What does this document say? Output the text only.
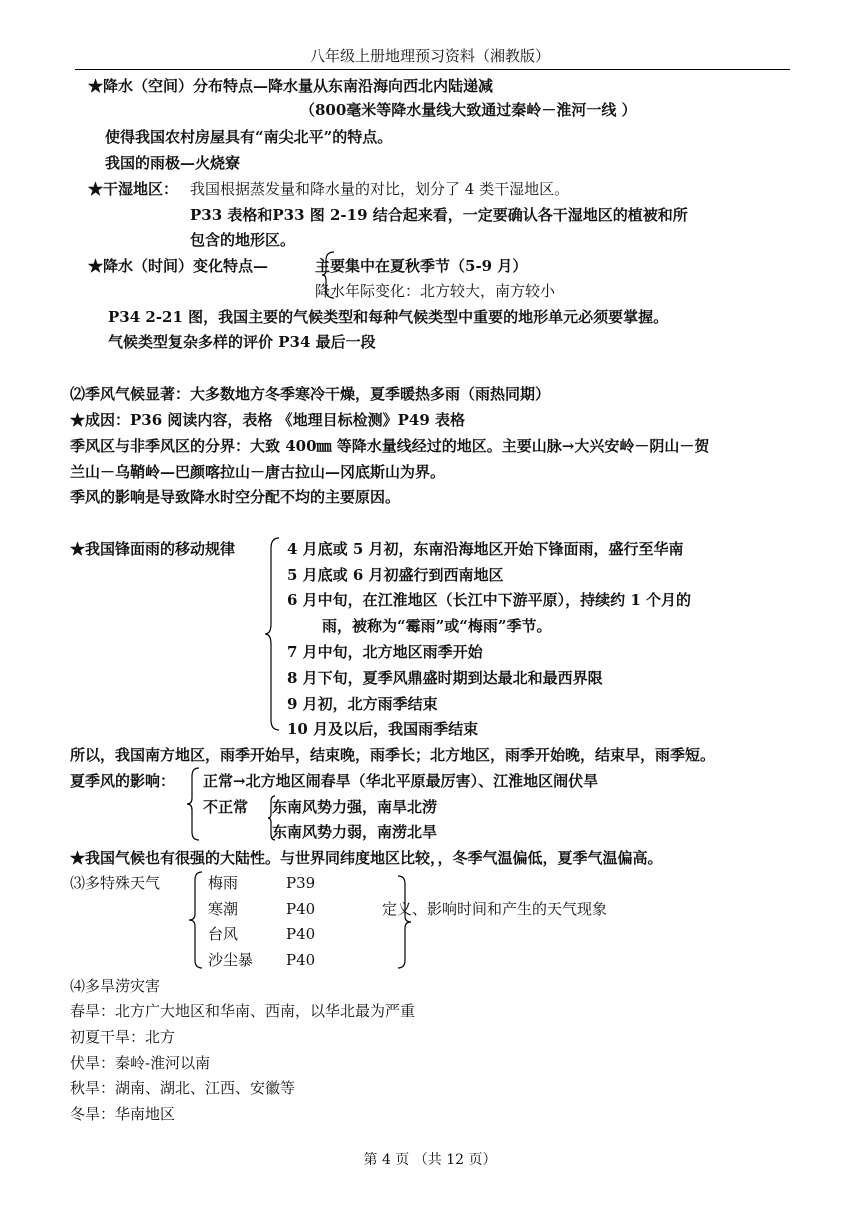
八年级上册地理预习资料（湘教版）
★降水（空间）分布特点—降水量从东南沿海向西北内陆递减
（800毫米等降水量线大致通过秦岭－淮河一线 ）
使得我国农村房屋具有“南尖北平”的特点。
我国的雨极—火烧寮
★干湿地区： 我国根据蒸发量和降水量的对比，划分了 4 类干湿地区。
P33 表格和P33 图 2-19 结合起来看，一定要确认各干湿地区的植被和所
包含的地形区。
★降水（时间）变化特点—	主要集中在夏秋季节（5-9 月）
降水年际变化：北方较大，南方较小
P34 2-21 图，我国主要的气候类型和每种气候类型中重要的地形单元必须要掌握。
气候类型复杂多样的评价 P34 最后一段
⑵季风气候显著：大多数地方冬季寒冷干燥，夏季暖热多雨（雨热同期）
★成因：P36 阅读内容，表格 《地理目标检测》P49 表格
季风区与非季风区的分界：大致 400㎜ 等降水量线经过的地区。主要山脉→大兴安岭－阴山－贺
兰山－乌鞘岭—巴颜喀拉山－唐古拉山—冈底斯山为界。
季风的影响是导致降水时空分配不均的主要原因。
★我国锋面雨的移动规律	4 月底或 5 月初，东南沿海地区开始下锋面雨，盛行至华南
5 月底或 6 月初盛行到西南地区
6 月中旬，在江淮地区（长江中下游平原），持续约 1 个月的
雨，被称为“霉雨”或“梅雨”季节。
7 月中旬，北方地区雨季开始
8 月下旬，夏季风鼎盛时期到达最北和最西界限
9 月初，北方雨季结束
10 月及以后，我国雨季结束
所以，我国南方地区，雨季开始早，结束晚，雨季长；北方地区，雨季开始晚，结束早，雨季短。
夏季风的影响： 正常→北方地区闹春旱（华北平原最厉害）、江淮地区闹伏旱
不正常 东南风势力强，南旱北涝
东南风势力弱，南涝北旱
★我国气候也有很强的大陆性。与世界同纬度地区比较，，冬季气温偏低，夏季气温偏高。
⑶多特殊天气	梅雨	P39
寒潮	P40
台风	P40
沙尘暴 P40
定义、影响时间和产生的天气现象
⑷多旱涝灾害
春旱：北方广大地区和华南、西南，以华北最为严重
初夏干旱：北方
伏旱：秦岭-淮河以南
秋旱：湖南、湖北、江西、安徽等
冬旱：华南地区
第 4 页 （共 12 页）
